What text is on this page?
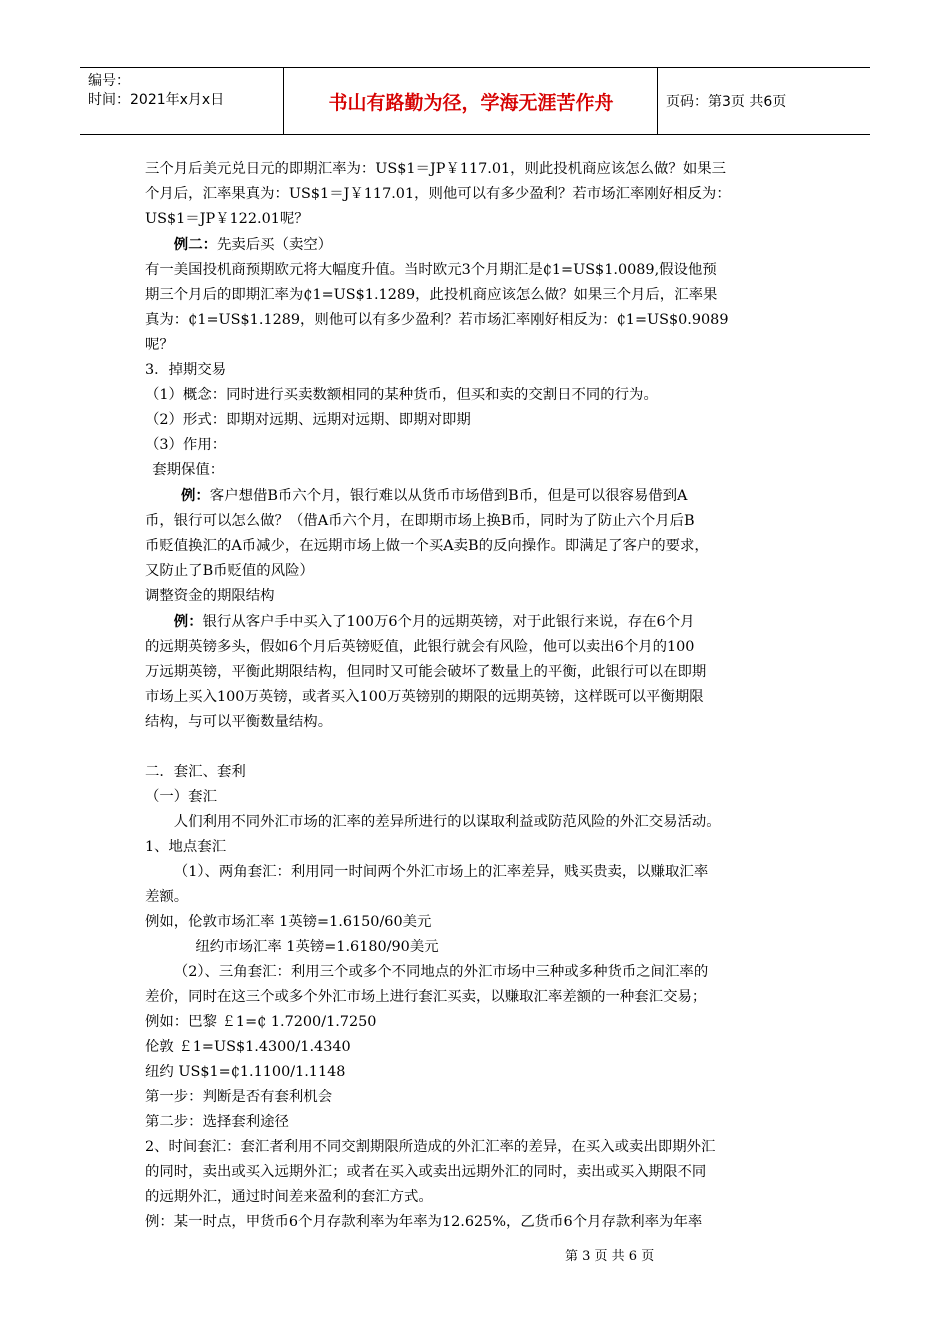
编号：
时间：2021年x月x日	书山有路勤为径，学海无涯苦作舟	页码：第3页 共6页

三个月后美元兑日元的即期汇率为：US$1＝JP￥117.01，则此投机商应该怎么做？如果三

个月后，汇率果真为：US$1＝J￥117.01，则他可以有多少盈利？若市场汇率刚好相反为：

US$1＝JP￥122.01呢？

例二：先卖后买（卖空）

有一美国投机商预期欧元将大幅度升值。当时欧元3个月期汇是₵1=US$1.0089,假设他预

期三个月后的即期汇率为₵1=US$1.1289，此投机商应该怎么做？如果三个月后，汇率果

真为：₵1=US$1.1289，则他可以有多少盈利？若市场汇率刚好相反为：₵1=US$0.9089

呢？

3．掉期交易

（1）概念：同时进行买卖数额相同的某种货币，但买和卖的交割日不同的行为。

（2）形式：即期对远期、远期对远期、即期对即期

（3）作用：

套期保值：

例：客户想借B币六个月，银行难以从货币市场借到B币，但是可以很容易借到A

币，银行可以怎么做？（借A币六个月，在即期市场上换B币，同时为了防止六个月后B

币贬值换汇的A币减少，在远期市场上做一个买A卖B的反向操作。即满足了客户的要求，

又防止了B币贬值的风险）

调整资金的期限结构

例：银行从客户手中买入了100万6个月的远期英镑，对于此银行来说，存在6个月

的远期英镑多头，假如6个月后英镑贬值，此银行就会有风险，他可以卖出6个月的100

万远期英镑，平衡此期限结构，但同时又可能会破坏了数量上的平衡，此银行可以在即期

市场上买入100万英镑，或者买入100万英镑别的期限的远期英镑，这样既可以平衡期限

结构，与可以平衡数量结构。

二．套汇、套利

（一）套汇

人们利用不同外汇市场的汇率的差异所进行的以谋取利益或防范风险的外汇交易活动。

1、地点套汇

（1）、两角套汇：利用同一时间两个外汇市场上的汇率差异，贱买贵卖，以赚取汇率

差额。

例如，伦敦市场汇率 1英镑=1.6150/60美元

纽约市场汇率 1英镑=1.6180/90美元

（2）、三角套汇：利用三个或多个不同地点的外汇市场中三种或多种货币之间汇率的

差价，同时在这三个或多个外汇市场上进行套汇买卖，以赚取汇率差额的一种套汇交易；

例如：巴黎 ￡1=₵ 1.7200/1.7250

伦敦 ￡1=US$1.4300/1.4340

纽约 US$1=₵1.1100/1.1148

第一步：判断是否有套利机会

第二步：选择套利途径

2、时间套汇：套汇者利用不同交割期限所造成的外汇汇率的差异，在买入或卖出即期外汇

的同时，卖出或买入远期外汇；或者在买入或卖出远期外汇的同时，卖出或买入期限不同

的远期外汇，通过时间差来盈利的套汇方式。

例：某一时点，甲货币6个月存款利率为年率为12.625%，乙货币6个月存款利率为年率

第 3 页 共 6 页
